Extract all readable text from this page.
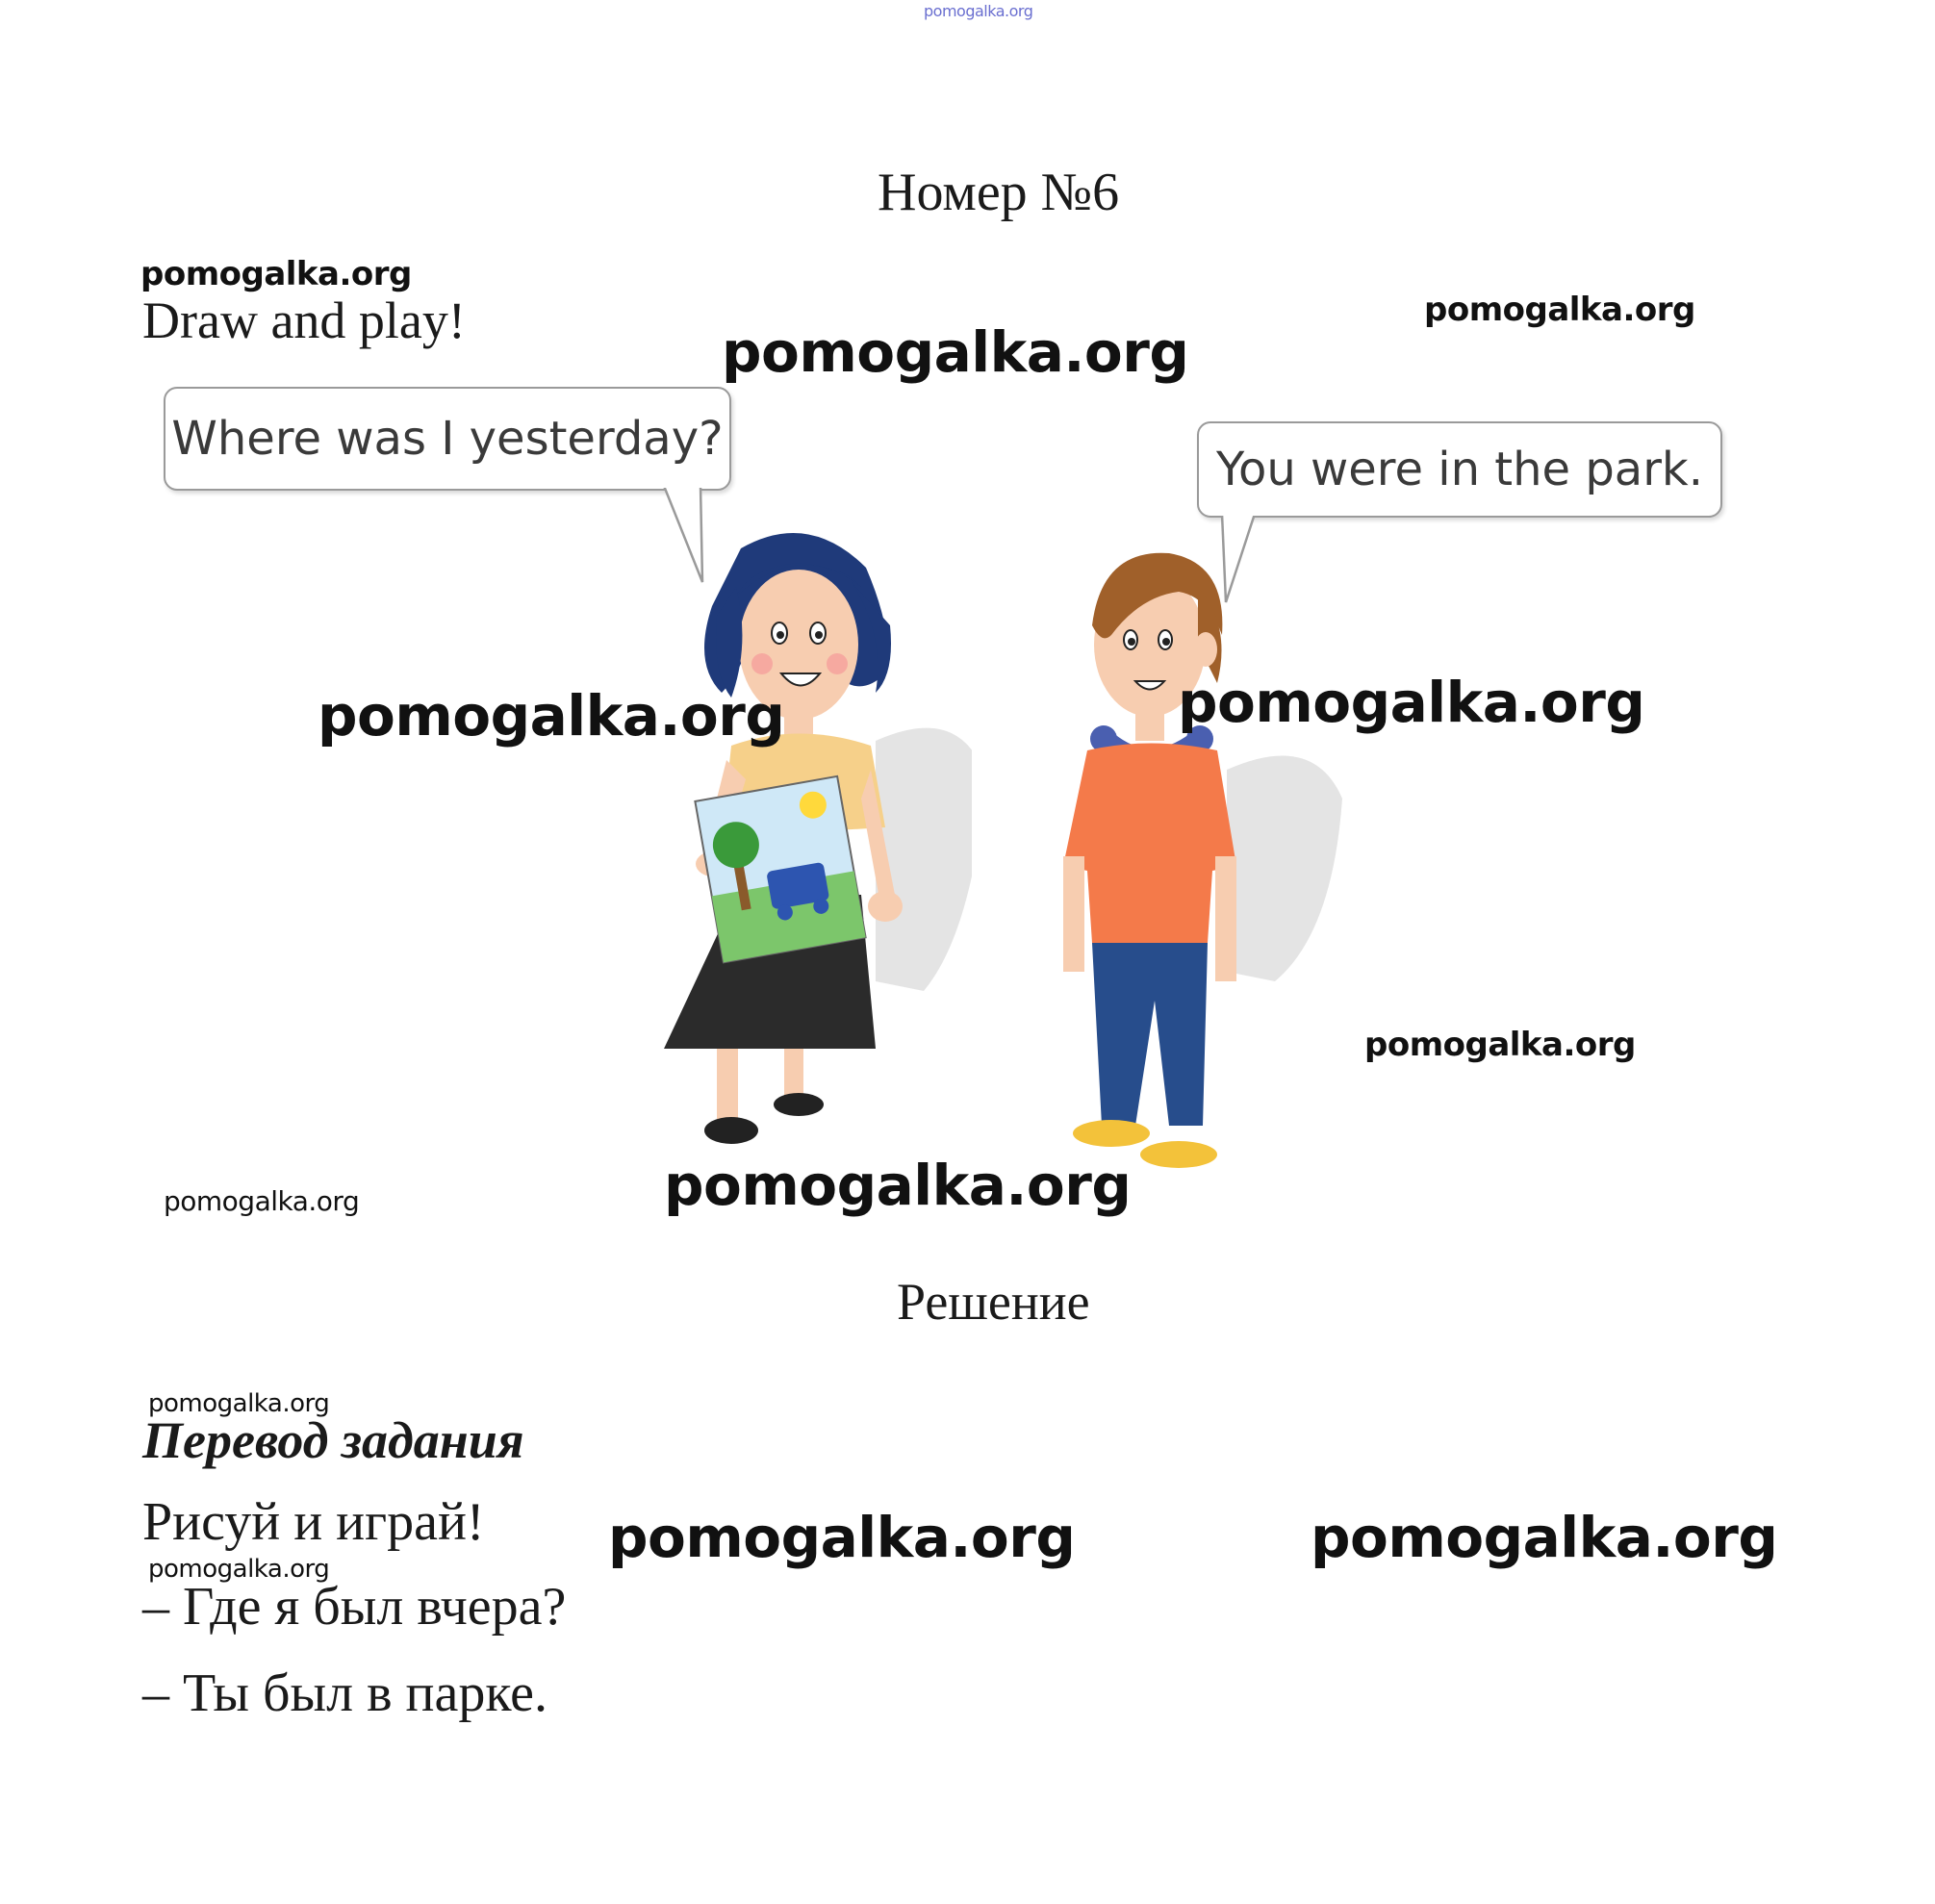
pomogalka.org
Номер №6
pomogalka.org
Draw and play!	pomogalka.org
pomogalka.org
Where was I yesterday?
You were in the park.
pomogalka.org	pomogalka.org
pomogalka.org
pomogalka.org	pomogalka.org
Решение
pomogalka.org
Перевод задания
Рисуй и играй!
pomogalka.org
– Где я был вчера?
– Ты был в парке.
pomogalka.org	pomogalka.org
